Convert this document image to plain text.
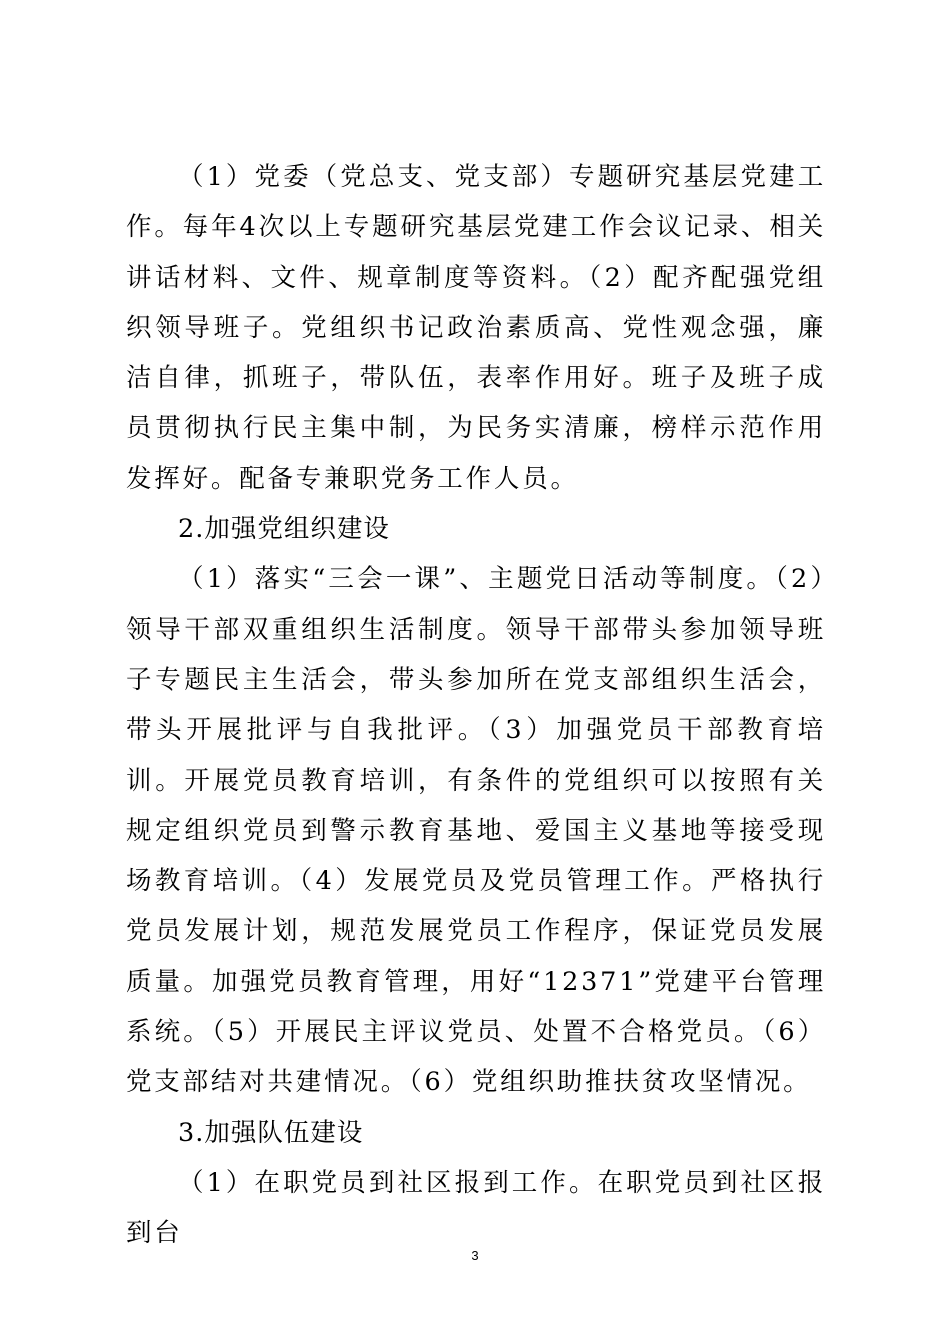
（1）党委（党总支、党支部）专题研究基层党建工作。每年4次以上专题研究基层党建工作会议记录、相关讲话材料、文件、规章制度等资料。（2）配齐配强党组织领导班子。党组织书记政治素质高、党性观念强，廉洁自律，抓班子，带队伍，表率作用好。班子及班子成员贯彻执行民主集中制，为民务实清廉，榜样示范作用发挥好。配备专兼职党务工作人员。

2.加强党组织建设

（1）落实“三会一课”、主题党日活动等制度。（2）领导干部双重组织生活制度。领导干部带头参加领导班子专题民主生活会，带头参加所在党支部组织生活会，带头开展批评与自我批评。（3）加强党员干部教育培训。开展党员教育培训，有条件的党组织可以按照有关规定组织党员到警示教育基地、爱国主义基地等接受现场教育培训。（4）发展党员及党员管理工作。严格执行党员发展计划，规范发展党员工作程序，保证党员发展质量。加强党员教育管理，用好“12371”党建平台管理系统。（5）开展民主评议党员、处置不合格党员。（6）党支部结对共建情况。（6）党组织助推扶贫攻坚情况。

3.加强队伍建设

（1）在职党员到社区报到工作。在职党员到社区报到台

3
